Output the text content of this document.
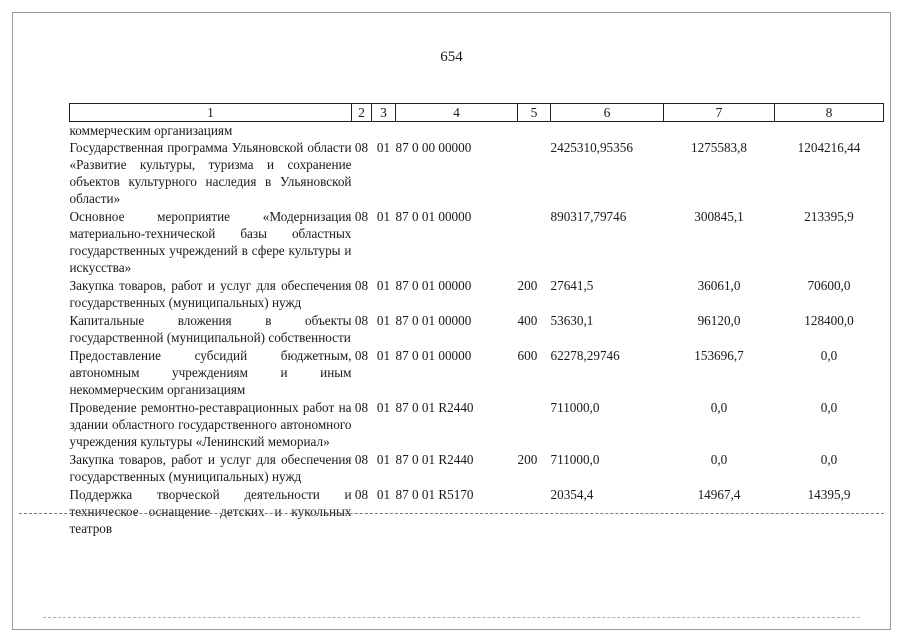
654
1	2	3	4	5	6	7	8
коммерческим организациям							
Государственная программа Ульяновской области «Развитие культуры, туризма и сохранение объектов культурного наследия в Ульяновской области»	08	01	87 0 00 00000		2425310,95356	1275583,8	1204216,44
Основное мероприятие «Модернизация материально-технической базы областных государственных учреждений в сфере культуры и искусства»	08	01	87 0 01 00000		890317,79746	300845,1	213395,9
Закупка товаров, работ и услуг для обеспечения государственных (муниципальных) нужд	08	01	87 0 01 00000	200	27641,5	36061,0	70600,0
Капитальные вложения в объекты государственной (муниципальной) собственности	08	01	87 0 01 00000	400	53630,1	96120,0	128400,0
Предоставление субсидий бюджетным, автономным учреждениям и иным некоммерческим организациям	08	01	87 0 01 00000	600	62278,29746	153696,7	0,0
Проведение ремонтно-реставрационных работ на здании областного государственного автономного учреждения культуры «Ленинский мемориал»	08	01	87 0 01 R2440		711000,0	0,0	0,0
Закупка товаров, работ и услуг для обеспечения государственных (муниципальных) нужд	08	01	87 0 01 R2440	200	711000,0	0,0	0,0
Поддержка творческой деятельности и техническое оснащение детских и кукольных театров	08	01	87 0 01 R5170		20354,4	14967,4	14395,9
